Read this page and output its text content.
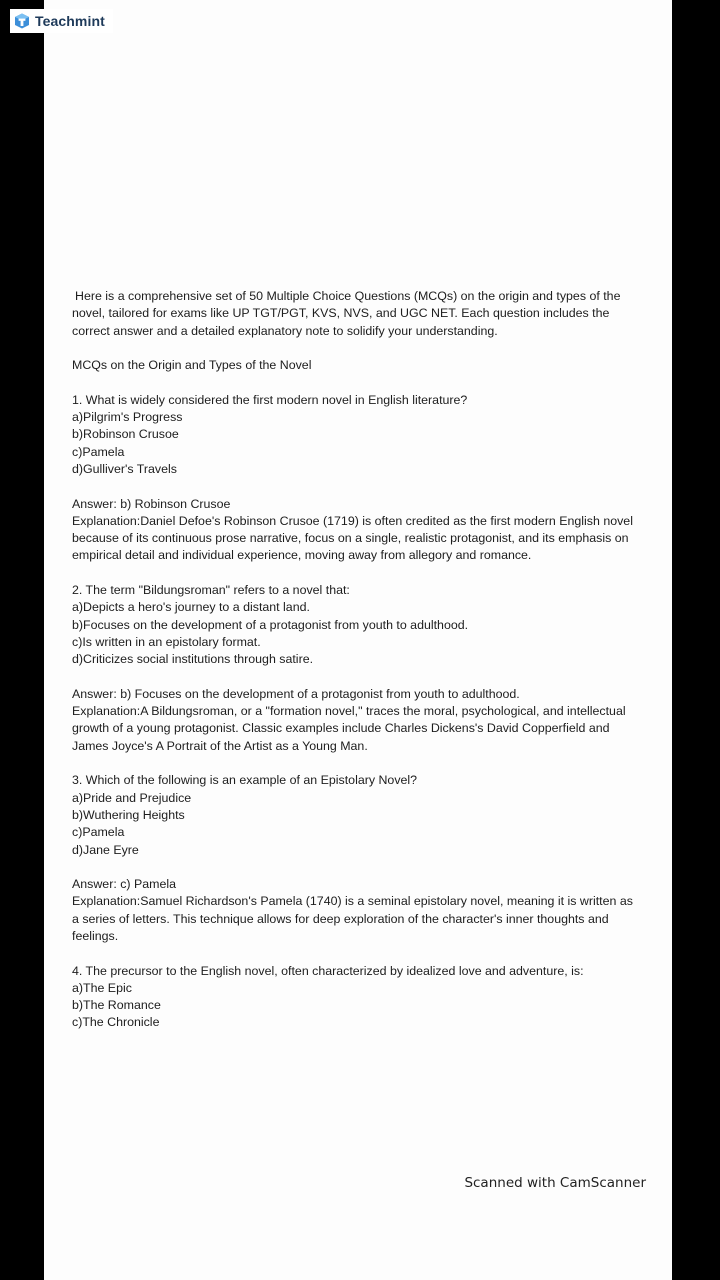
Teachmint

Here is a comprehensive set of 50 Multiple Choice Questions (MCQs) on the origin and types of the novel, tailored for exams like UP TGT/PGT, KVS, NVS, and UGC NET. Each question includes the correct answer and a detailed explanatory note to solidify your understanding.

MCQs on the Origin and Types of the Novel

1. What is widely considered the first modern novel in English literature?
a)Pilgrim's Progress
b)Robinson Crusoe
c)Pamela
d)Gulliver's Travels
Answer: b) Robinson Crusoe
Explanation:Daniel Defoe's Robinson Crusoe (1719) is often credited as the first modern English novel because of its continuous prose narrative, focus on a single, realistic protagonist, and its emphasis on empirical detail and individual experience, moving away from allegory and romance.
2. The term "Bildungsroman" refers to a novel that:
a)Depicts a hero's journey to a distant land.
b)Focuses on the development of a protagonist from youth to adulthood.
c)Is written in an epistolary format.
d)Criticizes social institutions through satire.
Answer: b) Focuses on the development of a protagonist from youth to adulthood.
Explanation:A Bildungsroman, or a "formation novel," traces the moral, psychological, and intellectual growth of a young protagonist. Classic examples include Charles Dickens's David Copperfield and James Joyce's A Portrait of the Artist as a Young Man.
3. Which of the following is an example of an Epistolary Novel?
a)Pride and Prejudice
b)Wuthering Heights
c)Pamela
d)Jane Eyre
Answer: c) Pamela
Explanation:Samuel Richardson's Pamela (1740) is a seminal epistolary novel, meaning it is written as a series of letters. This technique allows for deep exploration of the character's inner thoughts and feelings.
4. The precursor to the English novel, often characterized by idealized love and adventure, is:
a)The Epic
b)The Romance
c)The Chronicle
Scanned with CamScanner
